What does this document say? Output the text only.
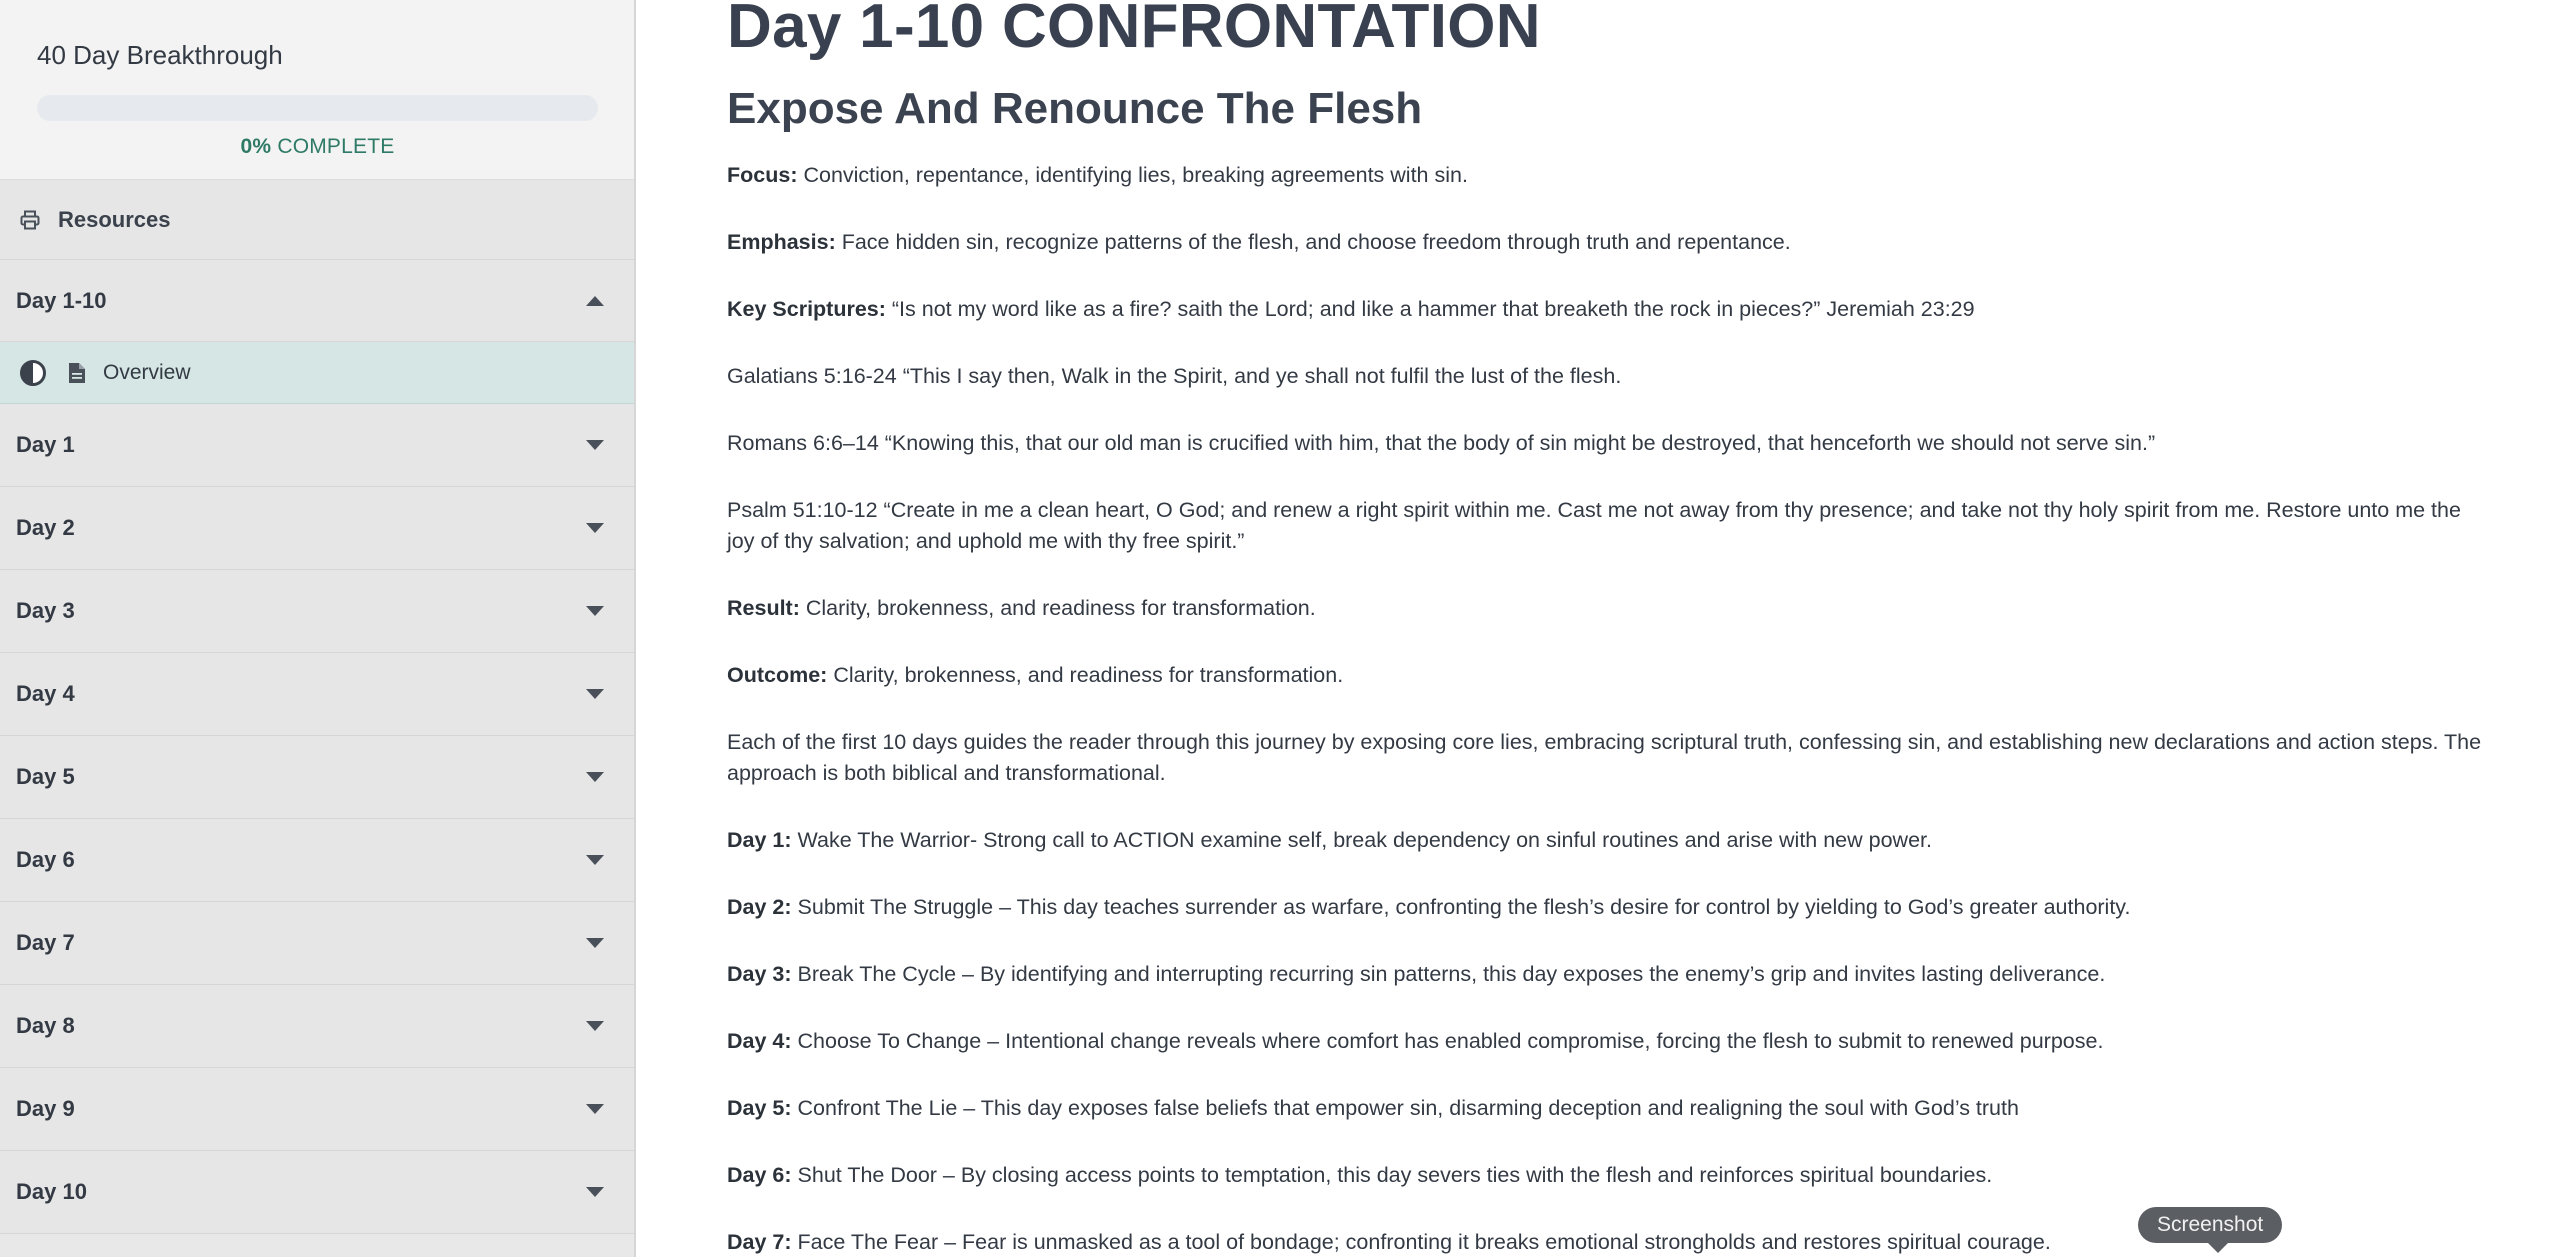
40 Day Breakthrough
0% COMPLETE
Resources
Day 1-10
Overview
Day 1
Day 2
Day 3
Day 4
Day 5
Day 6
Day 7
Day 8
Day 9
Day 10
Day 1-10 CONFRONTATION
Expose And Renounce The Flesh

Focus: Conviction, repentance, identifying lies, breaking agreements with sin.

Emphasis: Face hidden sin, recognize patterns of the flesh, and choose freedom through truth and repentance.

Key Scriptures: “Is not my word like as a fire? saith the Lord; and like a hammer that breaketh the rock in pieces?” Jeremiah 23:29

Galatians 5:16-24 “This I say then, Walk in the Spirit, and ye shall not fulfil the lust of the flesh.

Romans 6:6–14 “Knowing this, that our old man is crucified with him, that the body of sin might be destroyed, that henceforth we should not serve sin.”

Psalm 51:10-12 “Create in me a clean heart, O God; and renew a right spirit within me. Cast me not away from thy presence; and take not thy holy spirit from me. Restore unto me the joy of thy salvation; and uphold me with thy free spirit.”

Result: Clarity, brokenness, and readiness for transformation.

Outcome: Clarity, brokenness, and readiness for transformation.

Each of the first 10 days guides the reader through this journey by exposing core lies, embracing scriptural truth, confessing sin, and establishing new declarations and action steps. The approach is both biblical and transformational.

Day 1: Wake The Warrior- Strong call to ACTION examine self, break dependency on sinful routines and arise with new power.

Day 2: Submit The Struggle – This day teaches surrender as warfare, confronting the flesh’s desire for control by yielding to God’s greater authority.

Day 3: Break The Cycle – By identifying and interrupting recurring sin patterns, this day exposes the enemy’s grip and invites lasting deliverance.

Day 4: Choose To Change – Intentional change reveals where comfort has enabled compromise, forcing the flesh to submit to renewed purpose.

Day 5: Confront The Lie – This day exposes false beliefs that empower sin, disarming deception and realigning the soul with God’s truth

Day 6: Shut The Door – By closing access points to temptation, this day severs ties with the flesh and reinforces spiritual boundaries.

Day 7: Face The Fear – Fear is unmasked as a tool of bondage; confronting it breaks emotional strongholds and restores spiritual courage.

Screenshot
